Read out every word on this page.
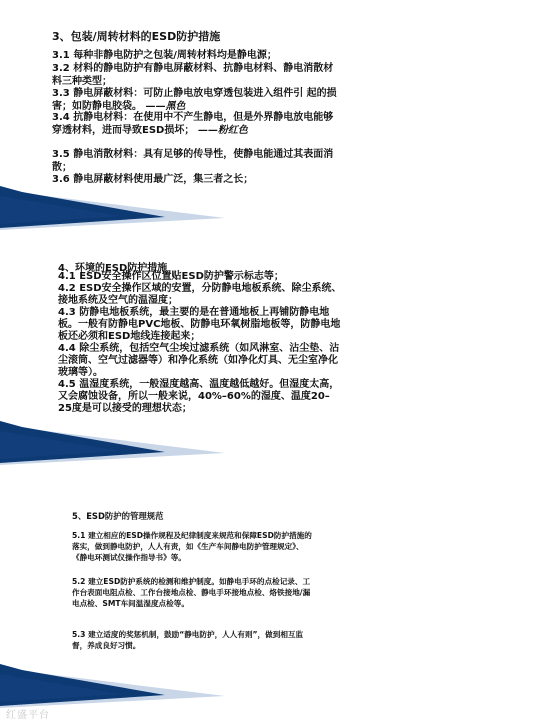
3、包装/周转材料的ESD防护措施
3.1 每种非静电防护之包装/周转材料均是静电源；
3.2 材料的静电防护有静电屏蔽材料、抗静电材料、静电消散材料三种类型；
3.3 静电屏蔽材料：可防止静电放电穿透包装进入组件引 起的损害；如防静电胶袋。 ——黑色
3.4 抗静电材料：在使用中不产生静电，但是外界静电放电能够穿透材料，进而导致ESD损坏； ——粉红色
3.5 静电消散材料：具有足够的传导性，使静电能通过其表面消散；
3.6 静电屏蔽材料使用最广泛，集三者之长；
4、环境的ESD防护措施
4.1 ESD安全操作区位置贴ESD防护警示标志等；
4.2 ESD安全操作区域的安置，分防静电地板系统、除尘系统、接地系统及空气的温湿度；
4.3 防静电地板系统，最主要的是在普通地板上再铺防静电地板。一般有防静电PVC地板、防静电环氧树脂地板等，防静电地板还必须和ESD地线连接起来；
4.4 除尘系统，包括空气尘埃过滤系统（如风淋室、沾尘垫、沾尘滚筒、空气过滤器等）和净化系统（如净化灯具、无尘室净化玻璃等）。
4.5 温湿度系统，一般湿度越高、温度越低越好。但湿度太高，又会腐蚀设备，所以一般来说，40%–60%的湿度、温度20–25度是可以接受的理想状态；
5、ESD防护的管理规范
5.1 建立相应的ESD操作规程及纪律制度来规范和保障ESD防护措施的落实，做到静电防护，人人有责，如《生产车间静电防护管理规定》、《静电环测试仪操作指导书》等。
5.2 建立ESD防护系统的检测和维护制度。如静电手环的点检记录、工作台表面电阻点检、工作台接地点检、静电手环接地点检、烙铁接地/漏电点检、SMT车间温湿度点检等。
5.3 建立适度的奖惩机制，鼓励“静电防护，人人有则”，做到相互监督，养成良好习惯。
红盛平台
